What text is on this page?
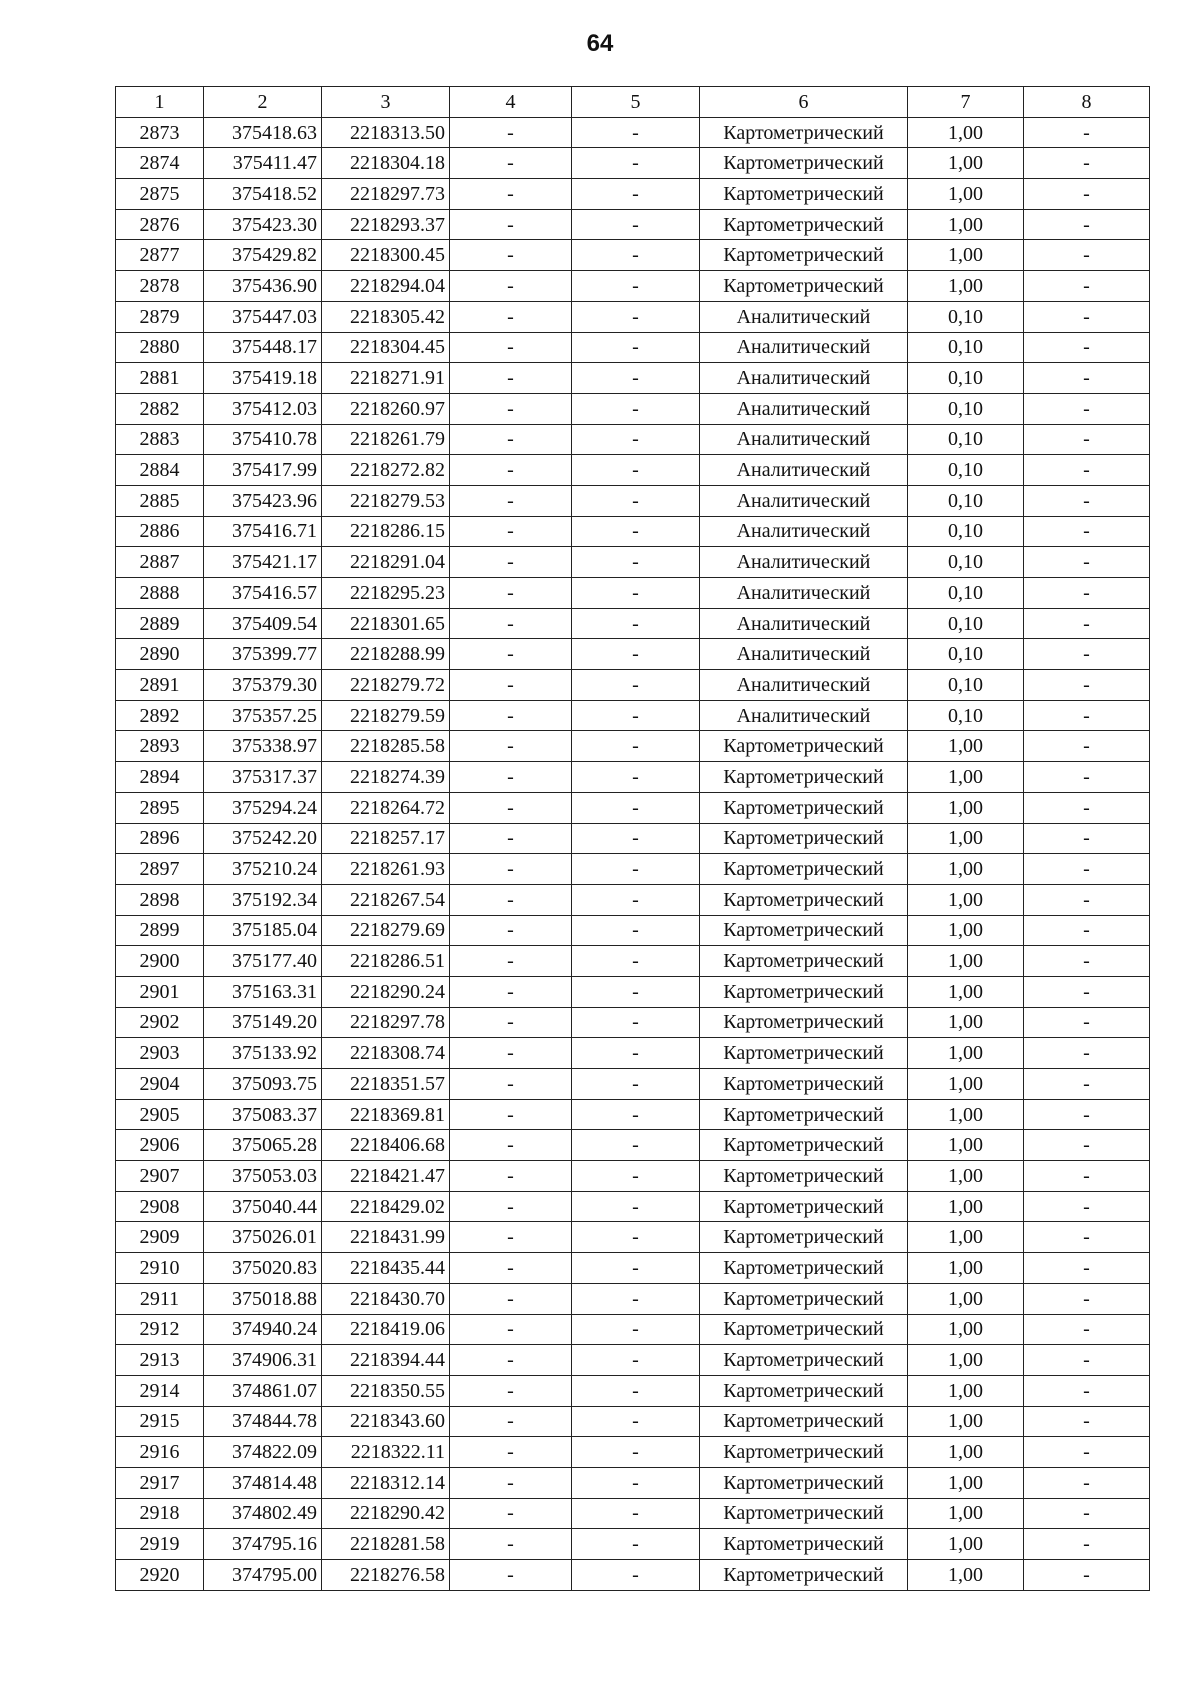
64
1	2	3	4	5	6	7	8
2873	375418.63	2218313.50	-	-	Картометрический	1,00	-
2874	375411.47	2218304.18	-	-	Картометрический	1,00	-
2875	375418.52	2218297.73	-	-	Картометрический	1,00	-
2876	375423.30	2218293.37	-	-	Картометрический	1,00	-
2877	375429.82	2218300.45	-	-	Картометрический	1,00	-
2878	375436.90	2218294.04	-	-	Картометрический	1,00	-
2879	375447.03	2218305.42	-	-	Аналитический	0,10	-
2880	375448.17	2218304.45	-	-	Аналитический	0,10	-
2881	375419.18	2218271.91	-	-	Аналитический	0,10	-
2882	375412.03	2218260.97	-	-	Аналитический	0,10	-
2883	375410.78	2218261.79	-	-	Аналитический	0,10	-
2884	375417.99	2218272.82	-	-	Аналитический	0,10	-
2885	375423.96	2218279.53	-	-	Аналитический	0,10	-
2886	375416.71	2218286.15	-	-	Аналитический	0,10	-
2887	375421.17	2218291.04	-	-	Аналитический	0,10	-
2888	375416.57	2218295.23	-	-	Аналитический	0,10	-
2889	375409.54	2218301.65	-	-	Аналитический	0,10	-
2890	375399.77	2218288.99	-	-	Аналитический	0,10	-
2891	375379.30	2218279.72	-	-	Аналитический	0,10	-
2892	375357.25	2218279.59	-	-	Аналитический	0,10	-
2893	375338.97	2218285.58	-	-	Картометрический	1,00	-
2894	375317.37	2218274.39	-	-	Картометрический	1,00	-
2895	375294.24	2218264.72	-	-	Картометрический	1,00	-
2896	375242.20	2218257.17	-	-	Картометрический	1,00	-
2897	375210.24	2218261.93	-	-	Картометрический	1,00	-
2898	375192.34	2218267.54	-	-	Картометрический	1,00	-
2899	375185.04	2218279.69	-	-	Картометрический	1,00	-
2900	375177.40	2218286.51	-	-	Картометрический	1,00	-
2901	375163.31	2218290.24	-	-	Картометрический	1,00	-
2902	375149.20	2218297.78	-	-	Картометрический	1,00	-
2903	375133.92	2218308.74	-	-	Картометрический	1,00	-
2904	375093.75	2218351.57	-	-	Картометрический	1,00	-
2905	375083.37	2218369.81	-	-	Картометрический	1,00	-
2906	375065.28	2218406.68	-	-	Картометрический	1,00	-
2907	375053.03	2218421.47	-	-	Картометрический	1,00	-
2908	375040.44	2218429.02	-	-	Картометрический	1,00	-
2909	375026.01	2218431.99	-	-	Картометрический	1,00	-
2910	375020.83	2218435.44	-	-	Картометрический	1,00	-
2911	375018.88	2218430.70	-	-	Картометрический	1,00	-
2912	374940.24	2218419.06	-	-	Картометрический	1,00	-
2913	374906.31	2218394.44	-	-	Картометрический	1,00	-
2914	374861.07	2218350.55	-	-	Картометрический	1,00	-
2915	374844.78	2218343.60	-	-	Картометрический	1,00	-
2916	374822.09	2218322.11	-	-	Картометрический	1,00	-
2917	374814.48	2218312.14	-	-	Картометрический	1,00	-
2918	374802.49	2218290.42	-	-	Картометрический	1,00	-
2919	374795.16	2218281.58	-	-	Картометрический	1,00	-
2920	374795.00	2218276.58	-	-	Картометрический	1,00	-
